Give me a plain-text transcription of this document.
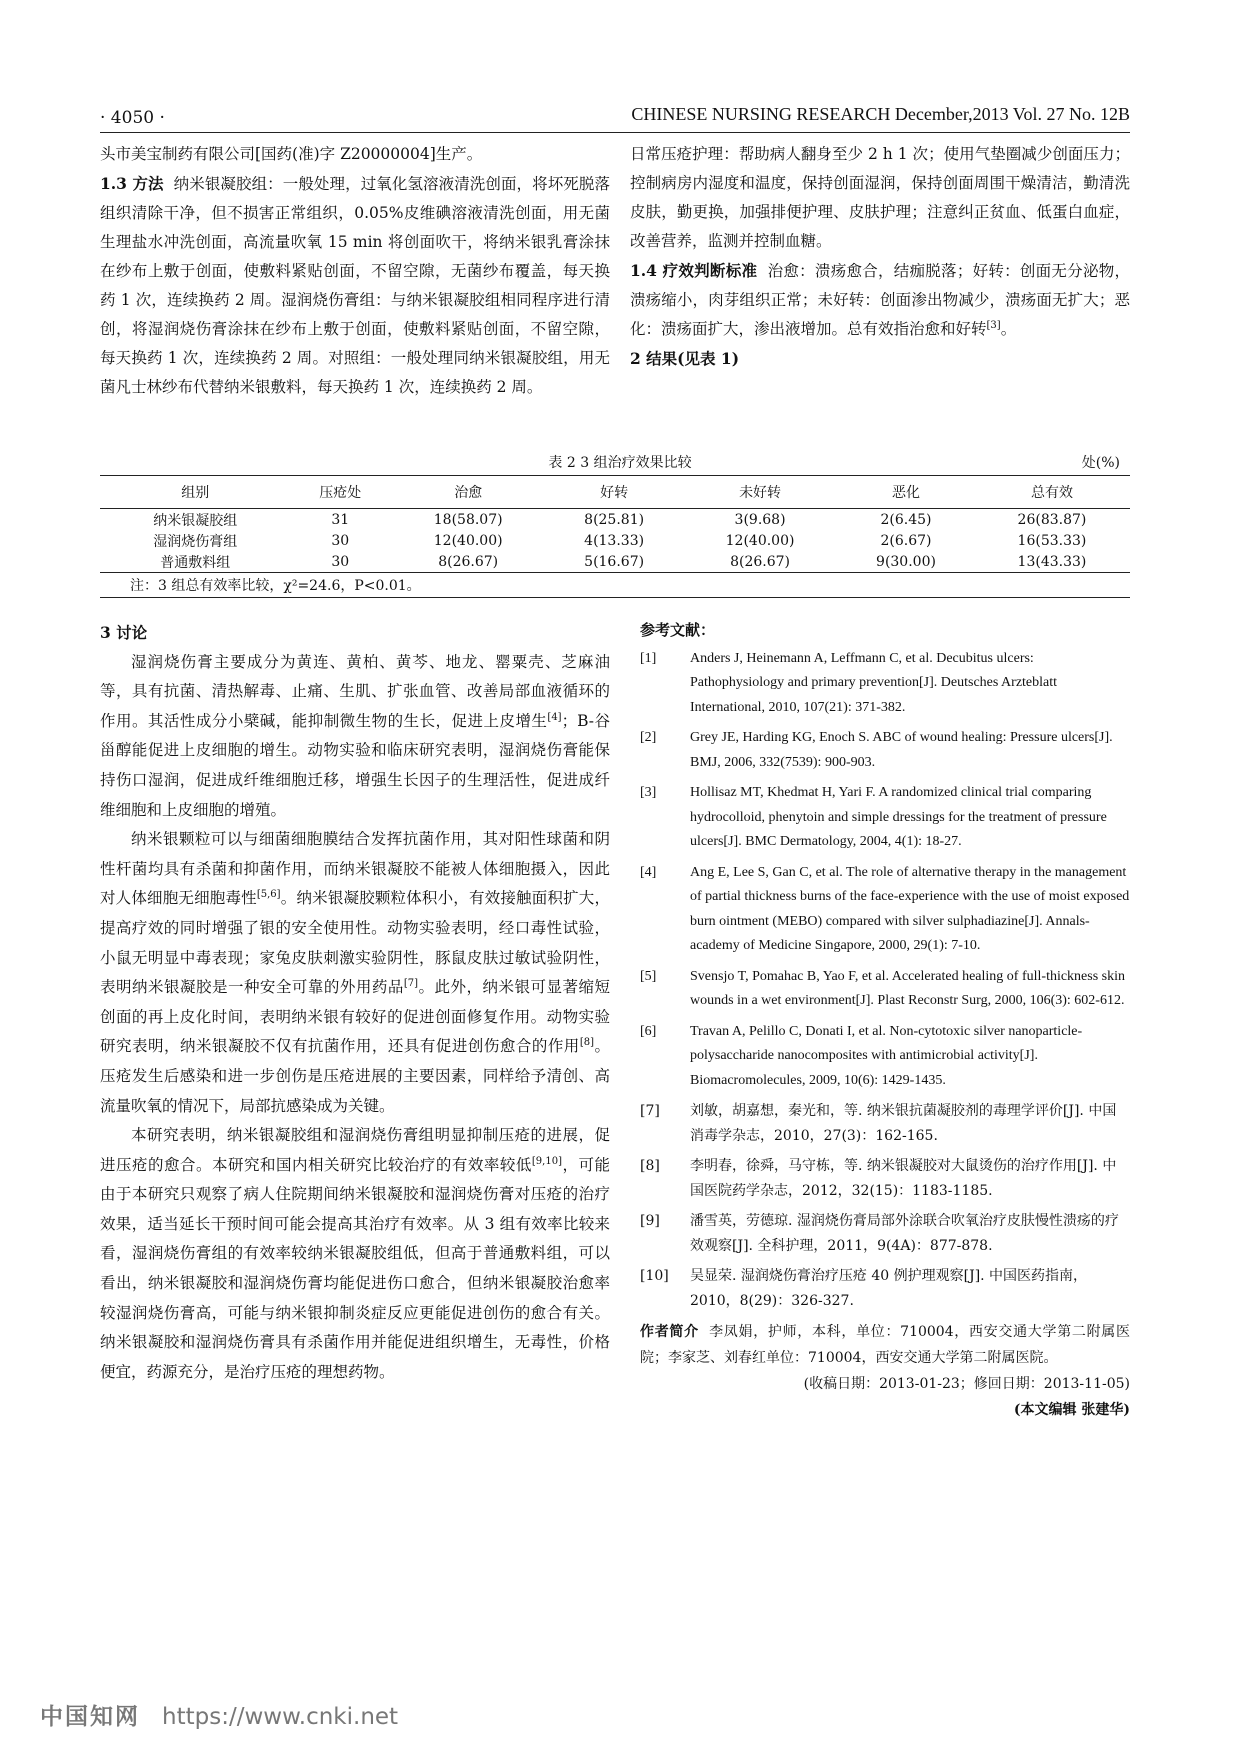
· 4050 ·	CHINESE NURSING RESEARCH December,2013 Vol. 27 No. 12B

头市美宝制药有限公司[国药(准)字 Z20000004]生产。

1.3 方法 纳米银凝胶组：一般处理，过氧化氢溶液清洗创面，将坏死脱落组织清除干净，但不损害正常组织，0.05%皮维碘溶液清洗创面，用无菌生理盐水冲洗创面，高流量吹氧 15 min 将创面吹干，将纳米银乳膏涂抹在纱布上敷于创面，使敷料紧贴创面，不留空隙，无菌纱布覆盖，每天换药 1 次，连续换药 2 周。湿润烧伤膏组：与纳米银凝胶组相同程序进行清创，将湿润烧伤膏涂抹在纱布上敷于创面，使敷料紧贴创面，不留空隙，每天换药 1 次，连续换药 2 周。对照组：一般处理同纳米银凝胶组，用无菌凡士林纱布代替纳米银敷料，每天换药 1 次，连续换药 2 周。

日常压疮护理：帮助病人翻身至少 2 h 1 次；使用气垫圈减少创面压力；控制病房内湿度和温度，保持创面湿润，保持创面周围干燥清洁，勤清洗皮肤，勤更换，加强排便护理、皮肤护理；注意纠正贫血、低蛋白血症，改善营养，监测并控制血糖。

1.4 疗效判断标准 治愈：溃疡愈合，结痂脱落；好转：创面无分泌物，溃疡缩小，肉芽组织正常；未好转：创面渗出物减少，溃疡面无扩大；恶化：溃疡面扩大，渗出液增加。总有效指治愈和好转[3]。

2 结果(见表 1)

表 2 3 组治疗效果比较	处(%)
组别	压疮处	治愈	好转	未好转	恶化	总有效
纳米银凝胶组	31	18(58.07)	8(25.81)	3(9.68)	2(6.45)	26(83.87)
湿润烧伤膏组	30	12(40.00)	4(13.33)	12(40.00)	2(6.67)	16(53.33)
普通敷料组	30	8(26.67)	5(16.67)	8(26.67)	9(30.00)	13(43.33)
注：3 组总有效率比较，χ²=24.6，P<0.01。						

3 讨论

湿润烧伤膏主要成分为黄连、黄柏、黄芩、地龙、罂粟壳、芝麻油等，具有抗菌、清热解毒、止痛、生肌、扩张血管、改善局部血液循环的作用。其活性成分小檗碱，能抑制微生物的生长，促进上皮增生[4]；B-谷甾醇能促进上皮细胞的增生。动物实验和临床研究表明，湿润烧伤膏能保持伤口湿润，促进成纤维细胞迁移，增强生长因子的生理活性，促进成纤维细胞和上皮细胞的增殖。

纳米银颗粒可以与细菌细胞膜结合发挥抗菌作用，其对阳性球菌和阴性杆菌均具有杀菌和抑菌作用，而纳米银凝胶不能被人体细胞摄入，因此对人体细胞无细胞毒性[5,6]。纳米银凝胶颗粒体积小，有效接触面积扩大，提高疗效的同时增强了银的安全使用性。动物实验表明，经口毒性试验，小鼠无明显中毒表现；家兔皮肤刺激实验阴性，豚鼠皮肤过敏试验阴性，表明纳米银凝胶是一种安全可靠的外用药品[7]。此外，纳米银可显著缩短创面的再上皮化时间，表明纳米银有较好的促进创面修复作用。动物实验研究表明，纳米银凝胶不仅有抗菌作用，还具有促进创伤愈合的作用[8]。压疮发生后感染和进一步创伤是压疮进展的主要因素，同样给予清创、高流量吹氧的情况下，局部抗感染成为关键。

本研究表明，纳米银凝胶组和湿润烧伤膏组明显抑制压疮的进展，促进压疮的愈合。本研究和国内相关研究比较治疗的有效率较低[9,10]，可能由于本研究只观察了病人住院期间纳米银凝胶和湿润烧伤膏对压疮的治疗效果，适当延长干预时间可能会提高其治疗有效率。从 3 组有效率比较来看，湿润烧伤膏组的有效率较纳米银凝胶组低，但高于普通敷料组，可以看出，纳米银凝胶和湿润烧伤膏均能促进伤口愈合，但纳米银凝胶治愈率较湿润烧伤膏高，可能与纳米银抑制炎症反应更能促进创伤的愈合有关。纳米银凝胶和湿润烧伤膏具有杀菌作用并能促进组织增生，无毒性，价格便宜，药源充分，是治疗压疮的理想药物。

参考文献：
[1] Anders J, Heinemann A, Leffmann C, et al. Decubitus ulcers: Pathophysiology and primary prevention[J]. Deutsches Arzteblatt International, 2010, 107(21): 371-382.
[2] Grey JE, Harding KG, Enoch S. ABC of wound healing: Pressure ulcers[J]. BMJ, 2006, 332(7539): 900-903.
[3] Hollisaz MT, Khedmat H, Yari F. A randomized clinical trial comparing hydrocolloid, phenytoin and simple dressings for the treatment of pressure ulcers[J]. BMC Dermatology, 2004, 4(1): 18-27.
[4] Ang E, Lee S, Gan C, et al. The role of alternative therapy in the management of partial thickness burns of the face-experience with the use of moist exposed burn ointment (MEBO) compared with silver sulphadiazine[J]. Annals-academy of Medicine Singapore, 2000, 29(1): 7-10.
[5] Svensjo T, Pomahac B, Yao F, et al. Accelerated healing of full-thickness skin wounds in a wet environment[J]. Plast Reconstr Surg, 2000, 106(3): 602-612.
[6] Travan A, Pelillo C, Donati I, et al. Non-cytotoxic silver nanoparticle-polysaccharide nanocomposites with antimicrobial activity[J]. Biomacromolecules, 2009, 10(6): 1429-1435.
[7] 刘敏，胡嘉想，秦光和，等. 纳米银抗菌凝胶剂的毒理学评价[J]. 中国消毒学杂志，2010，27(3)：162-165.
[8] 李明春，徐舜，马守栋，等. 纳米银凝胶对大鼠烫伤的治疗作用[J]. 中国医院药学杂志，2012，32(15)：1183-1185.
[9] 潘雪英，劳德琼. 湿润烧伤膏局部外涂联合吹氧治疗皮肤慢性溃疡的疗效观察[J]. 全科护理，2011，9(4A)：877-878.
[10] 吴显荣. 湿润烧伤膏治疗压疮 40 例护理观察[J]. 中国医药指南，2010，8(29)：326-327.
作者简介 李凤娟，护师，本科，单位：710004，西安交通大学第二附属医院；李家芝、刘春红单位：710004，西安交通大学第二附属医院。
(收稿日期：2013-01-23；修回日期：2013-11-05)
(本文编辑 张建华)
中国知网 https://www.cnki.net
